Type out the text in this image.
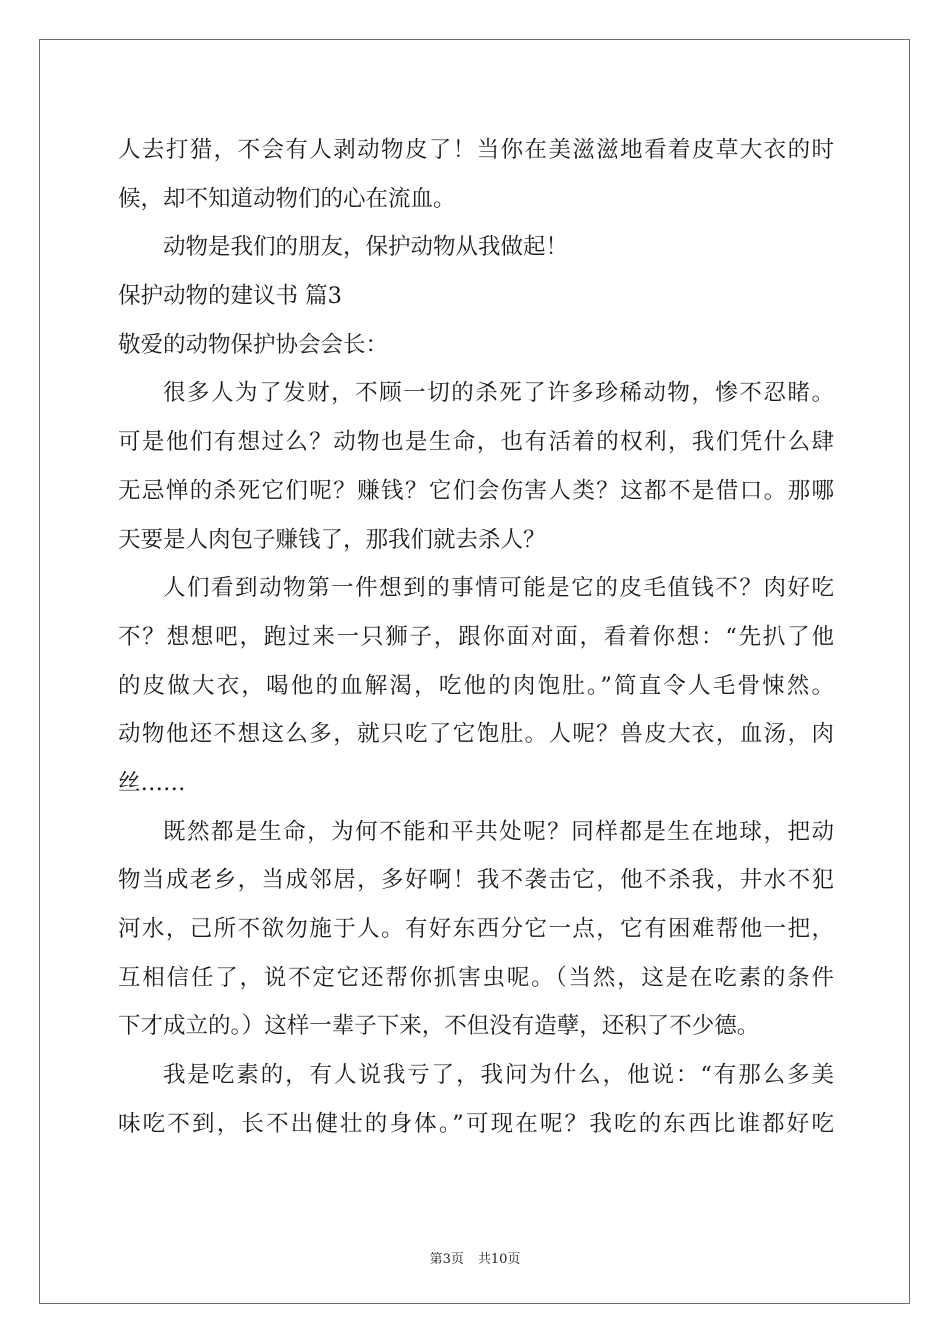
人去打猎，不会有人剥动物皮了！当你在美滋滋地看着皮草大衣的时
候，却不知道动物们的心在流血。
动物是我们的朋友，保护动物从我做起！
保护动物的建议书 篇3
敬爱的动物保护协会会长：
很多人为了发财，不顾一切的杀死了许多珍稀动物，惨不忍睹。
可是他们有想过么？动物也是生命，也有活着的权利，我们凭什么肆
无忌惮的杀死它们呢？赚钱？它们会伤害人类？这都不是借口。那哪
天要是人肉包子赚钱了，那我们就去杀人？
人们看到动物第一件想到的事情可能是它的皮毛值钱不？肉好吃
不？想想吧，跑过来一只狮子，跟你面对面，看着你想：“先扒了他
的皮做大衣，喝他的血解渴，吃他的肉饱肚。”简直令人毛骨悚然。
动物他还不想这么多，就只吃了它饱肚。人呢？兽皮大衣，血汤，肉
丝……
既然都是生命，为何不能和平共处呢？同样都是生在地球，把动
物当成老乡，当成邻居，多好啊！我不袭击它，他不杀我，井水不犯
河水，己所不欲勿施于人。有好东西分它一点，它有困难帮他一把，
互相信任了，说不定它还帮你抓害虫呢。（当然，这是在吃素的条件
下才成立的。）这样一辈子下来，不但没有造孽，还积了不少德。
我是吃素的，有人说我亏了，我问为什么，他说：“有那么多美
味吃不到，长不出健壮的身体。”可现在呢？我吃的东西比谁都好吃
第3页 共10页
